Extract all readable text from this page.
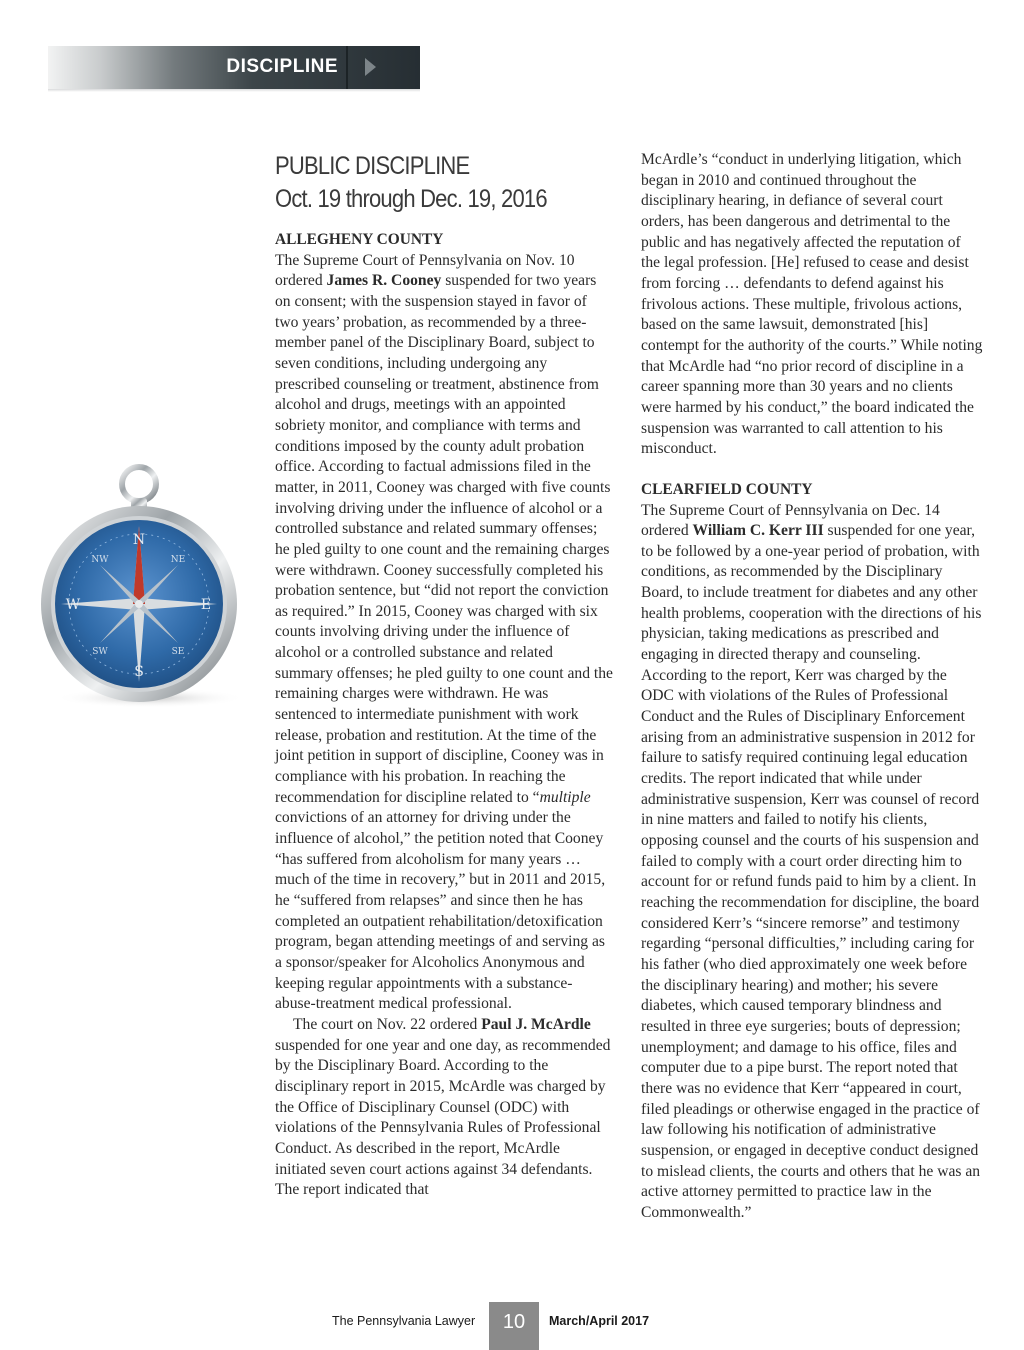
DISCIPLINE
N
S
E
W
NE
SE
SW
NW
PUBLIC DISCIPLINE
Oct. 19 through Dec. 19, 2016
ALLEGHENY COUNTY

The Supreme Court of Pennsylvania on Nov. 10 ordered James R. Cooney suspended for two years on consent; with the suspension stayed in favor of two years’ probation, as recommended by a three-member panel of the Disciplinary Board, subject to seven conditions, including undergoing any prescribed counseling or treatment, abstinence from alcohol and drugs, meetings with an appointed sobriety monitor, and compliance with terms and conditions imposed by the county adult probation office. According to factual admissions filed in the matter, in 2011, Cooney was charged with five counts involving driving under the influence of alcohol or a controlled substance and related summary offenses; he pled guilty to one count and the remaining charges were withdrawn. Cooney successfully completed his probation sentence, but “did not report the conviction as required.” In 2015, Cooney was charged with six counts involving driving under the influence of alcohol or a controlled substance and related summary offenses; he pled guilty to one count and the remaining charges were withdrawn. He was sentenced to intermediate punishment with work release, probation and restitution. At the time of the joint petition in support of discipline, Cooney was in compliance with his probation. In reaching the recommendation for discipline related to “multiple convictions of an attorney for driving under the influence of alcohol,” the petition noted that Cooney “has suffered from alcoholism for many years … much of the time in recovery,” but in 2011 and 2015, he “suffered from relapses” and since then he has completed an outpatient rehabilitation/detoxification program, began attending meetings of and serving as a sponsor/speaker for Alcoholics Anonymous and keeping regular appointments with a substance-abuse-treatment medical professional.

The court on Nov. 22 ordered Paul J. McArdle suspended for one year and one day, as recommended by the Disciplinary Board. According to the disciplinary report in 2015, McArdle was charged by the Office of Disciplinary Counsel (ODC) with violations of the Pennsylvania Rules of Professional Conduct. As described in the report, McArdle initiated seven court actions against 34 defendants. The report indicated that

McArdle’s “conduct in underlying litigation, which began in 2010 and continued throughout the disciplinary hearing, in defiance of several court orders, has been dangerous and detrimental to the public and has negatively affected the reputation of the legal profession. [He] refused to cease and desist from forcing … defendants to defend against his frivolous actions. These multiple, frivolous actions, based on the same lawsuit, demonstrated [his] contempt for the authority of the courts.” While noting that McArdle had “no prior record of discipline in a career spanning more than 30 years and no clients were harmed by his conduct,” the board indicated the suspension was warranted to call attention to his misconduct.

CLEARFIELD COUNTY

The Supreme Court of Pennsylvania on Dec. 14 ordered William C. Kerr III suspended for one year, to be followed by a one-year period of probation, with conditions, as recommended by the Disciplinary Board, to include treatment for diabetes and any other health problems, cooperation with the directions of his physician, taking medications as prescribed and engaging in directed therapy and counseling. According to the report, Kerr was charged by the ODC with violations of the Rules of Professional Conduct and the Rules of Disciplinary Enforcement arising from an administrative suspension in 2012 for failure to satisfy required continuing legal education credits. The report indicated that while under administrative suspension, Kerr was counsel of record in nine matters and failed to notify his clients, opposing counsel and the courts of his suspension and failed to comply with a court order directing him to account for or refund funds paid to him by a client. In reaching the recommendation for discipline, the board considered Kerr’s “sincere remorse” and testimony regarding “personal difficulties,” including caring for his father (who died approximately one week before the disciplinary hearing) and mother; his severe diabetes, which caused temporary blindness and resulted in three eye surgeries; bouts of depression; unemployment; and damage to his office, files and computer due to a pipe burst. The report noted that there was no evidence that Kerr “appeared in court, filed pleadings or otherwise engaged in the practice of law following his notification of administrative suspension, or engaged in deceptive conduct designed to mislead clients, the courts and others that he was an active attorney permitted to practice law in the Commonwealth.”

The Pennsylvania Lawyer	10	March/April 2017
